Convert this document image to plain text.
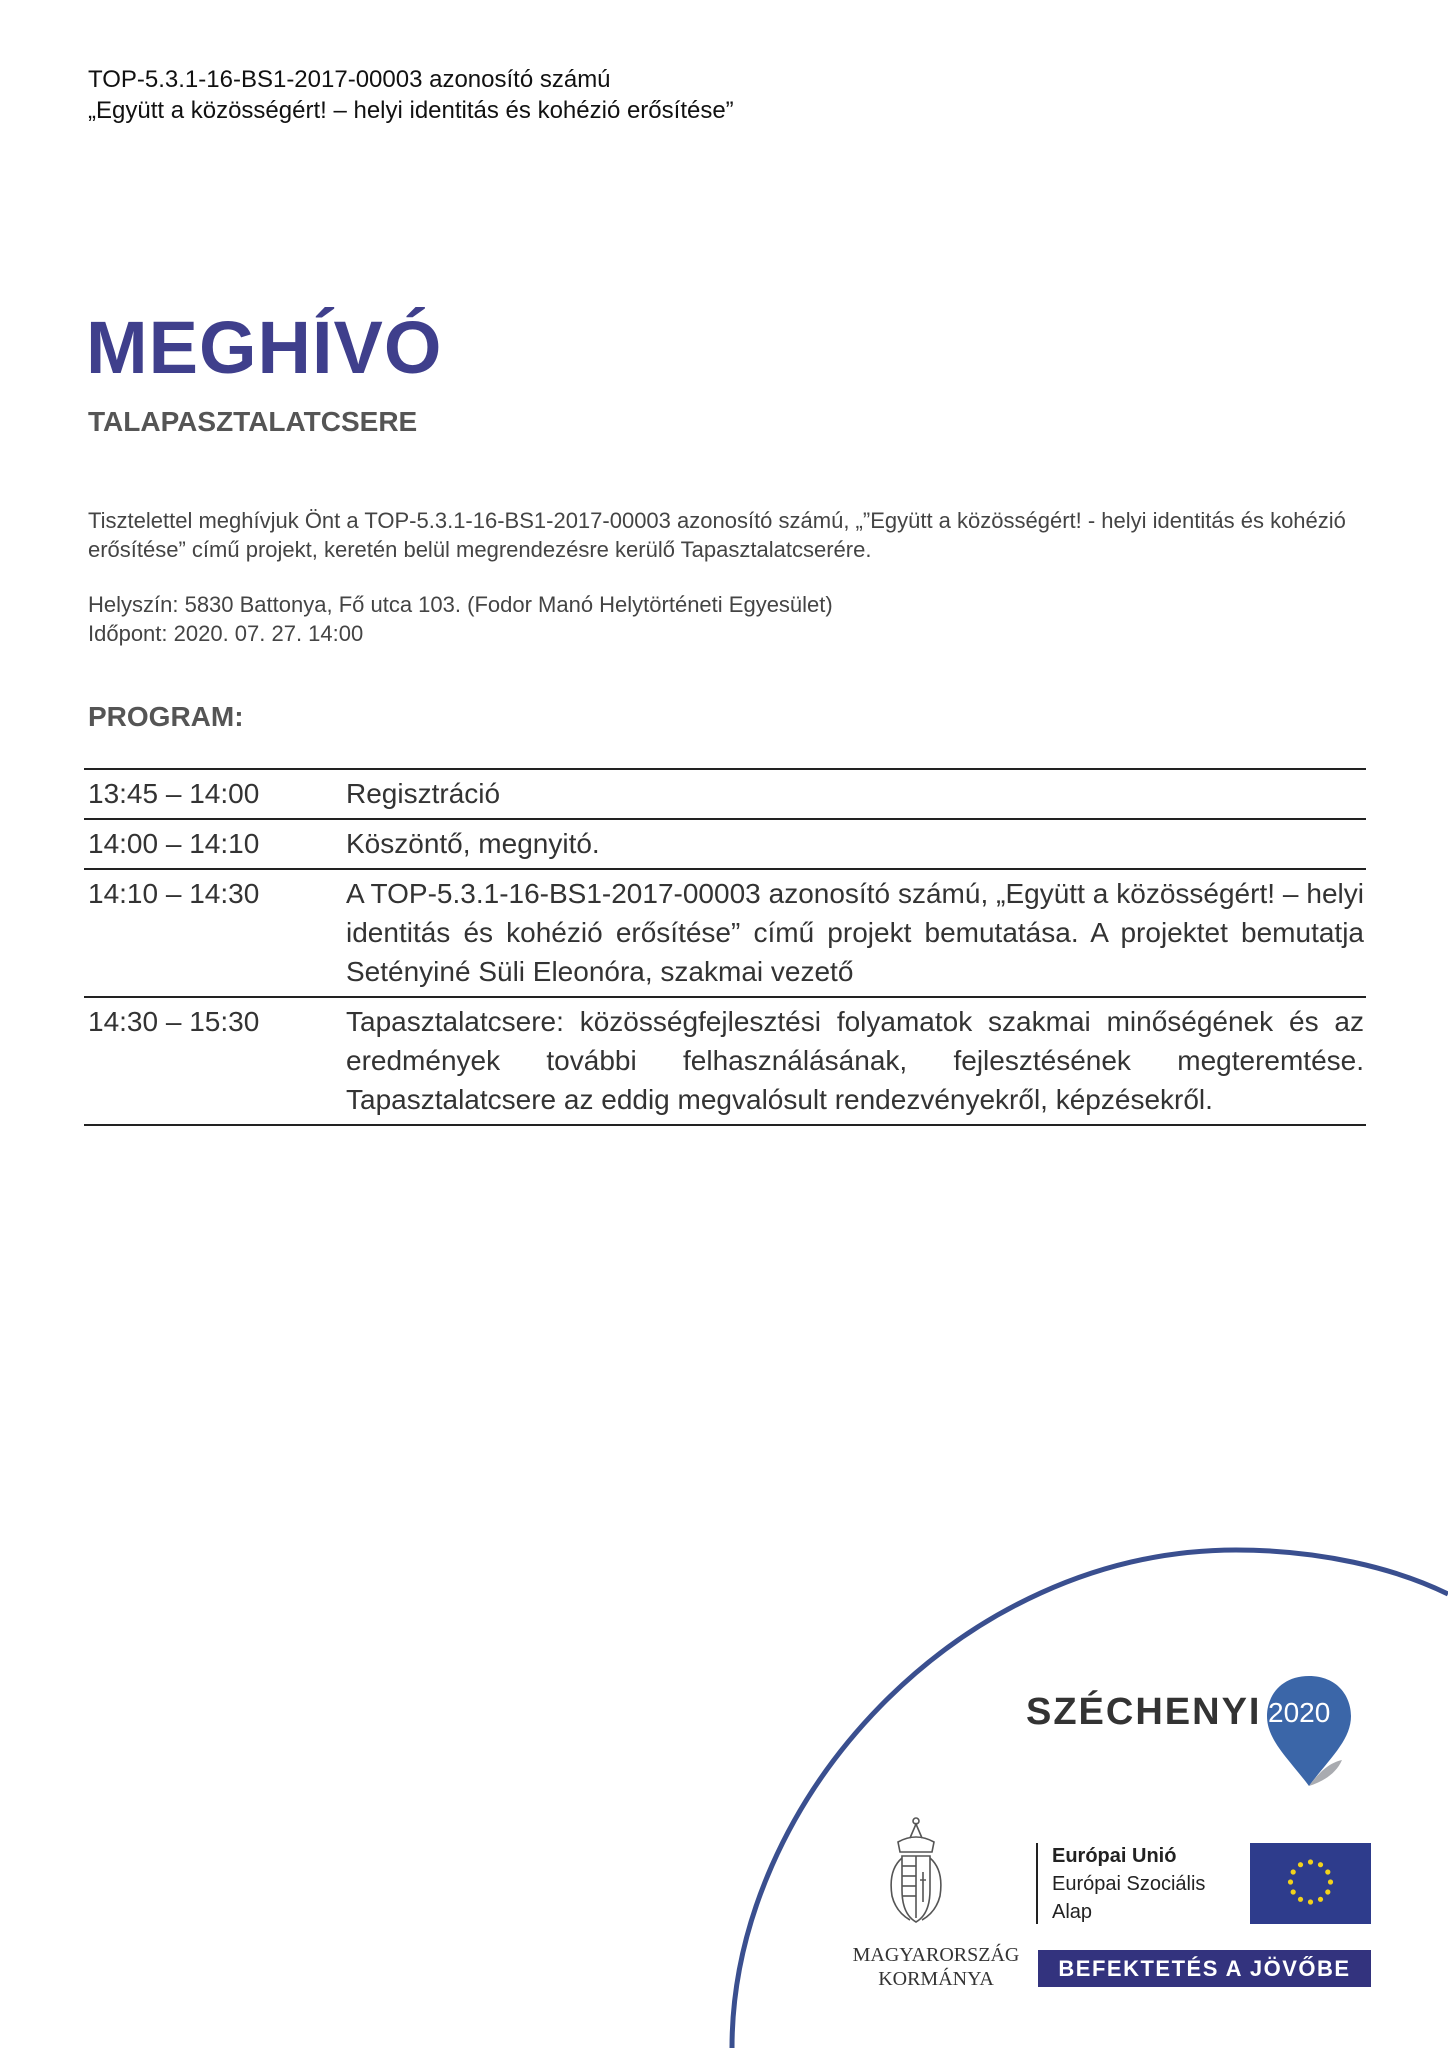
TOP-5.3.1-16-BS1-2017-00003 azonosító számú
„Együtt a közösségért! – helyi identitás és kohézió erősítése”
MEGHÍVÓ
TALAPASZTALATCSERE

Tisztelettel meghívjuk Önt a TOP-5.3.1-16-BS1-2017-00003 azonosító számú, „”Együtt a közösségért! - helyi identitás és kohézió erősítése” című projekt, keretén belül megrendezésre kerülő Tapasztalatcserére.

Helyszín: 5830 Battonya, Fő utca 103. (Fodor Manó Helytörténeti Egyesület)
Időpont: 2020. 07. 27. 14:00
PROGRAM:
13:45 – 14:00	Regisztráció
14:00 – 14:10	Köszöntő, megnyitó.
14:10 – 14:30	A TOP-5.3.1-16-BS1-2017-00003 azonosító számú, „Együtt a közösségért! – helyi identitás és kohézió erősítése” című projekt bemutatása. A projektet bemutatja Setényiné Süli Eleonóra, szakmai vezető
14:30 – 15:30	Tapasztalatcsere: közösségfejlesztési folyamatok szakmai minőségének és az eredmények további felhasználásának, fejlesztésének megteremtése. Tapasztalatcsere az eddig megvalósult rendezvényekről, képzésekről.
SZÉCHENYI 2020
Európai Unió
Európai Szociális
Alap
BEFEKTETÉS A JÖVŐBE
MAGYARORSZÁG
KORMÁNYA
